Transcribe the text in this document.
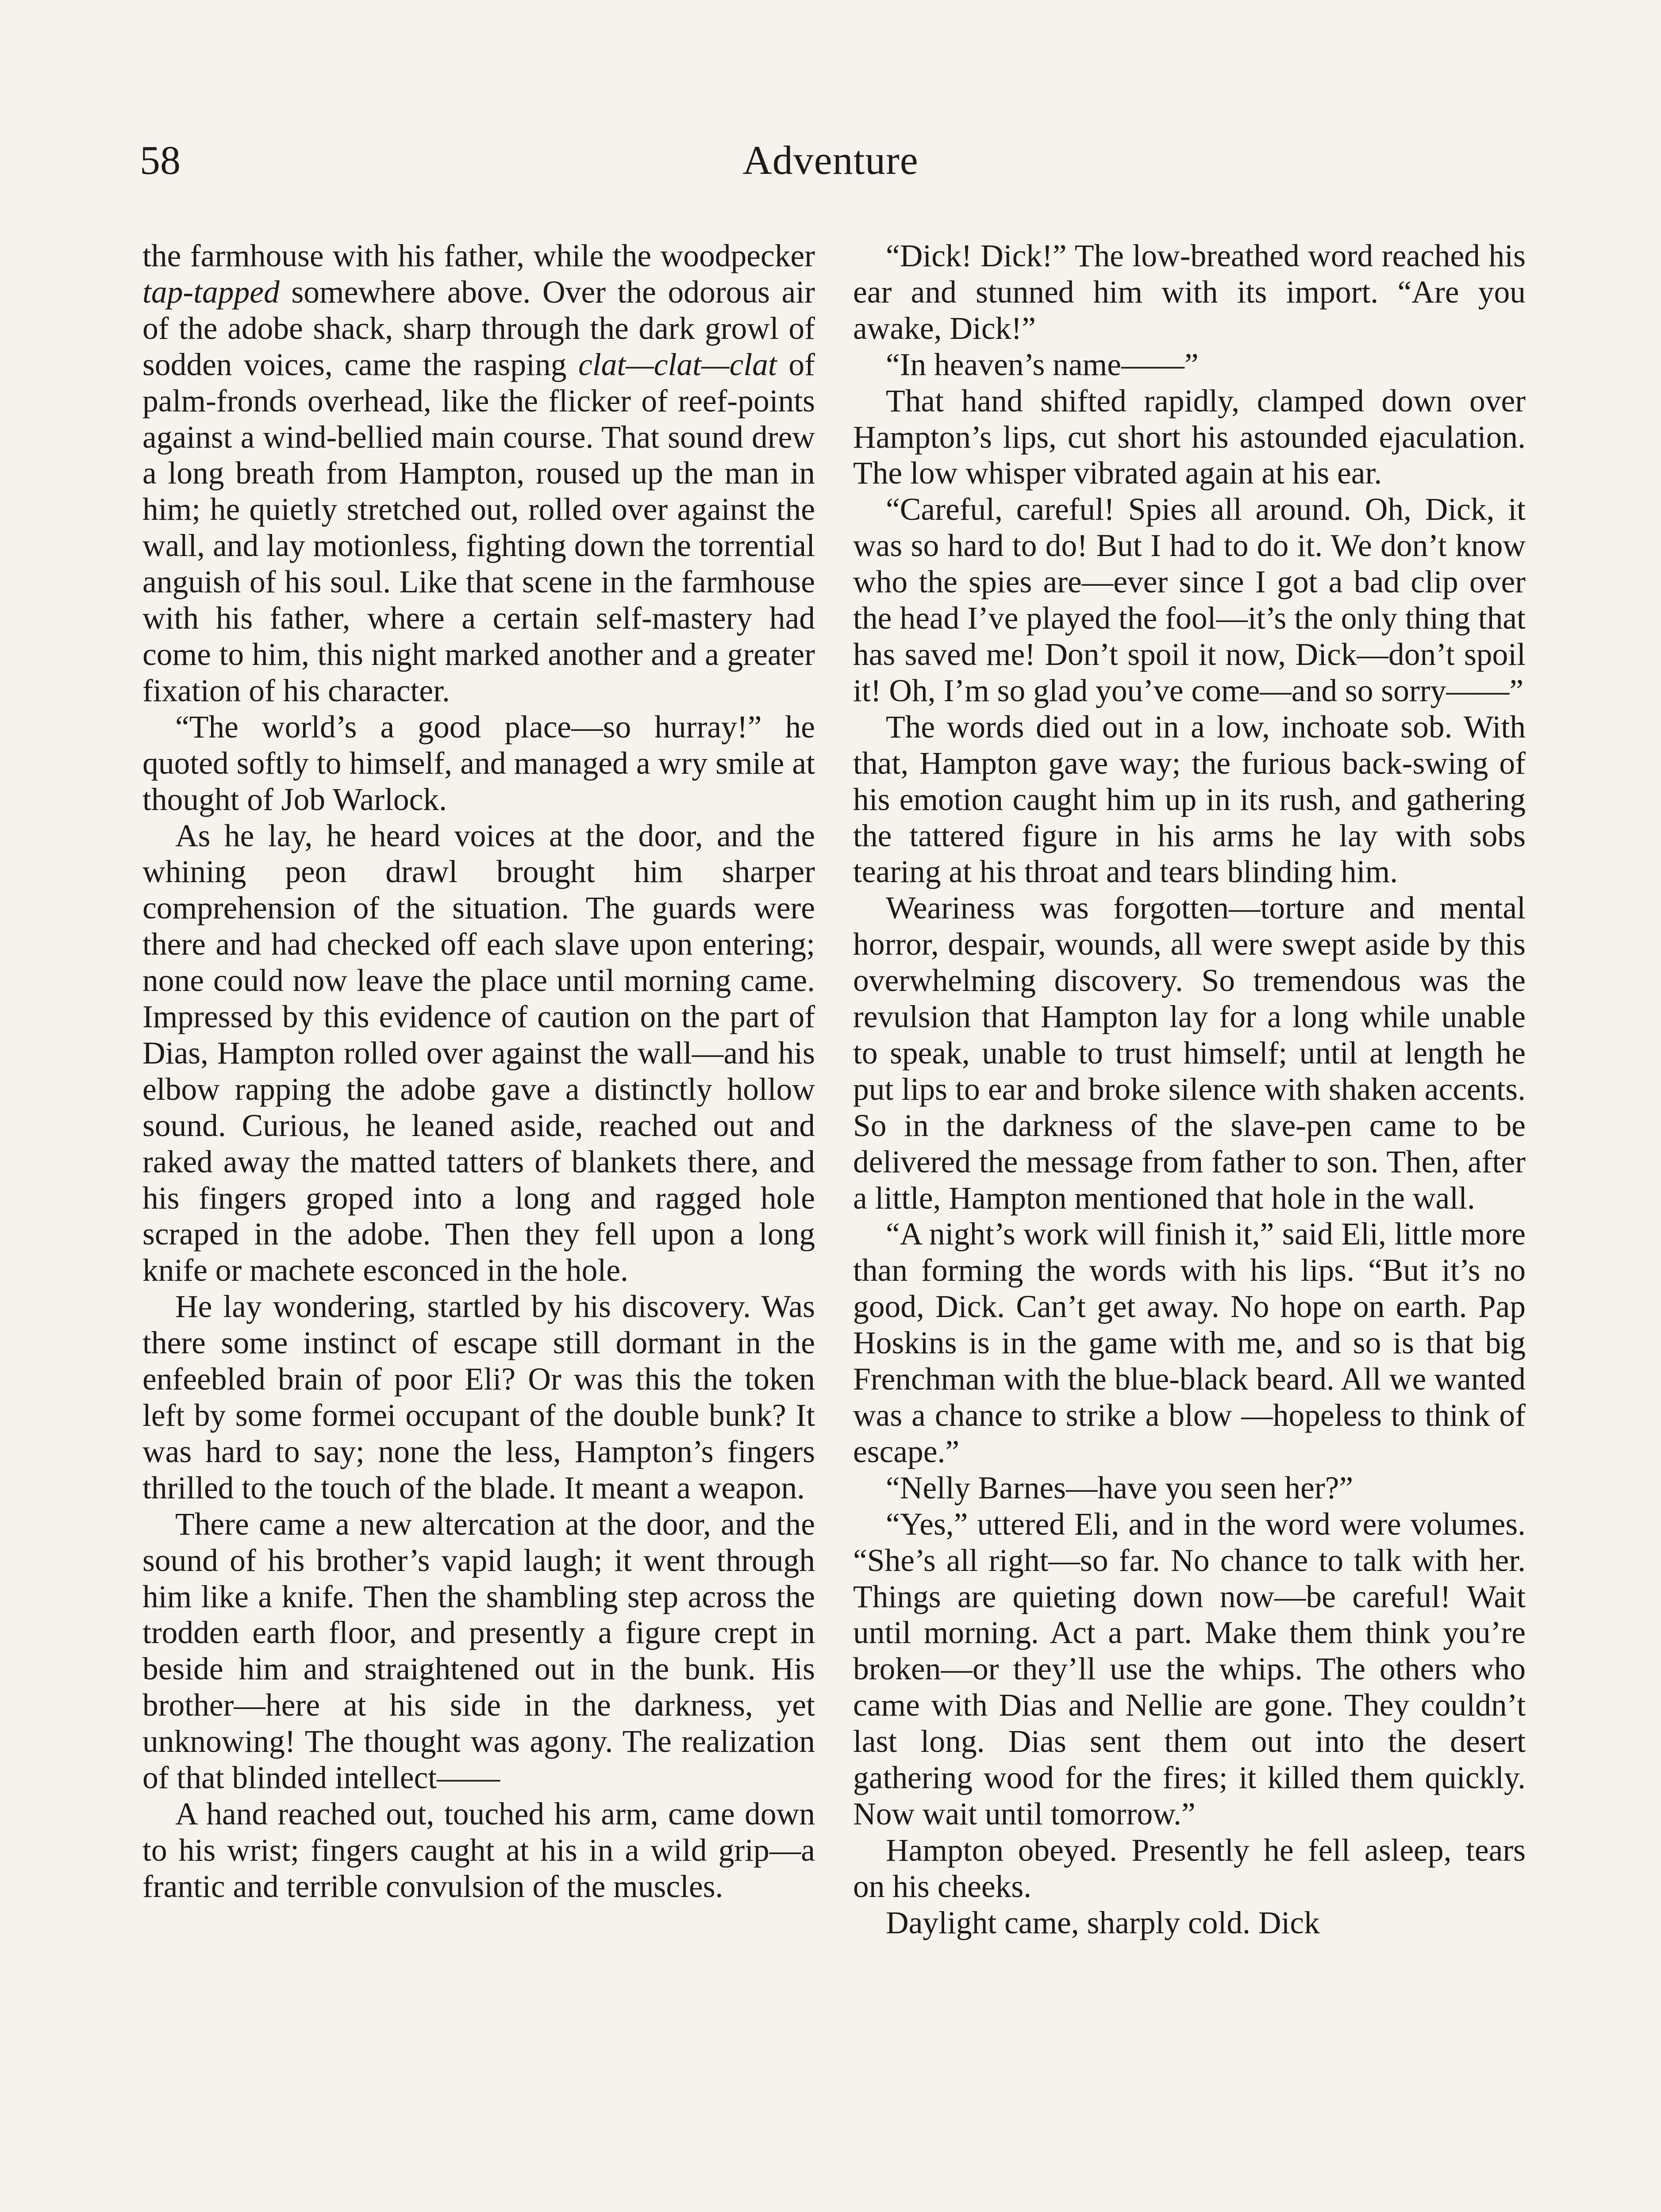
58	Adventure

the farmhouse with his father, while the woodpecker tap-tapped somewhere above. Over the odorous air of the adobe shack, sharp through the dark growl of sodden voices, came the rasping clat—clat—clat of palm-fronds overhead, like the flicker of reef-points against a wind-bellied main course. That sound drew a long breath from Hampton, roused up the man in him; he quietly stretched out, rolled over against the wall, and lay motionless, fighting down the torrential anguish of his soul. Like that scene in the farmhouse with his father, where a certain self-mastery had come to him, this night marked another and a greater fixation of his character.

“The world’s a good place—so hurray!” he quoted softly to himself, and managed a wry smile at thought of Job Warlock.

As he lay, he heard voices at the door, and the whining peon drawl brought him sharper comprehension of the situation. The guards were there and had checked off each slave upon entering; none could now leave the place until morning came. Impressed by this evidence of caution on the part of Dias, Hampton rolled over against the wall—and his elbow rapping the adobe gave a distinctly hollow sound. Curious, he leaned aside, reached out and raked away the matted tatters of blankets there, and his fingers groped into a long and ragged hole scraped in the adobe. Then they fell upon a long knife or machete esconced in the hole.

He lay wondering, startled by his discovery. Was there some instinct of escape still dormant in the enfeebled brain of poor Eli? Or was this the token left by some formei occupant of the double bunk? It was hard to say; none the less, Hampton’s fingers thrilled to the touch of the blade. It meant a weapon.

There came a new altercation at the door, and the sound of his brother’s vapid laugh; it went through him like a knife. Then the shambling step across the trodden earth floor, and presently a figure crept in beside him and straightened out in the bunk. His brother—here at his side in the darkness, yet unknowing! The thought was agony. The realization of that blinded intellect——

A hand reached out, touched his arm, came down to his wrist; fingers caught at his in a wild grip—a frantic and terrible convulsion of the muscles.

“Dick! Dick!” The low-breathed word reached his ear and stunned him with its import. “Are you awake, Dick!”

“In heaven’s name——”

That hand shifted rapidly, clamped down over Hampton’s lips, cut short his astounded ejaculation. The low whisper vibrated again at his ear.

“Careful, careful! Spies all around. Oh, Dick, it was so hard to do! But I had to do it. We don’t know who the spies are—ever since I got a bad clip over the head I’ve played the fool—it’s the only thing that has saved me! Don’t spoil it now, Dick—don’t spoil it! Oh, I’m so glad you’ve come—and so sorry——”

The words died out in a low, inchoate sob. With that, Hampton gave way; the furious back-swing of his emotion caught him up in its rush, and gathering the tattered figure in his arms he lay with sobs tearing at his throat and tears blinding him.

Weariness was forgotten—torture and mental horror, despair, wounds, all were swept aside by this overwhelming discovery. So tremendous was the revulsion that Hampton lay for a long while unable to speak, unable to trust himself; until at length he put lips to ear and broke silence with shaken accents. So in the darkness of the slave-pen came to be delivered the message from father to son. Then, after a little, Hampton mentioned that hole in the wall.

“A night’s work will finish it,” said Eli, little more than forming the words with his lips. “But it’s no good, Dick. Can’t get away. No hope on earth. Pap Hoskins is in the game with me, and so is that big Frenchman with the blue-black beard. All we wanted was a chance to strike a blow —hopeless to think of escape.”

“Nelly Barnes—have you seen her?”

“Yes,” uttered Eli, and in the word were volumes. “She’s all right—so far. No chance to talk with her. Things are quieting down now—be careful! Wait until morning. Act a part. Make them think you’re broken—or they’ll use the whips. The others who came with Dias and Nellie are gone. They couldn’t last long. Dias sent them out into the desert gathering wood for the fires; it killed them quickly. Now wait until tomorrow.”

Hampton obeyed. Presently he fell asleep, tears on his cheeks.

Daylight came, sharply cold. Dick
